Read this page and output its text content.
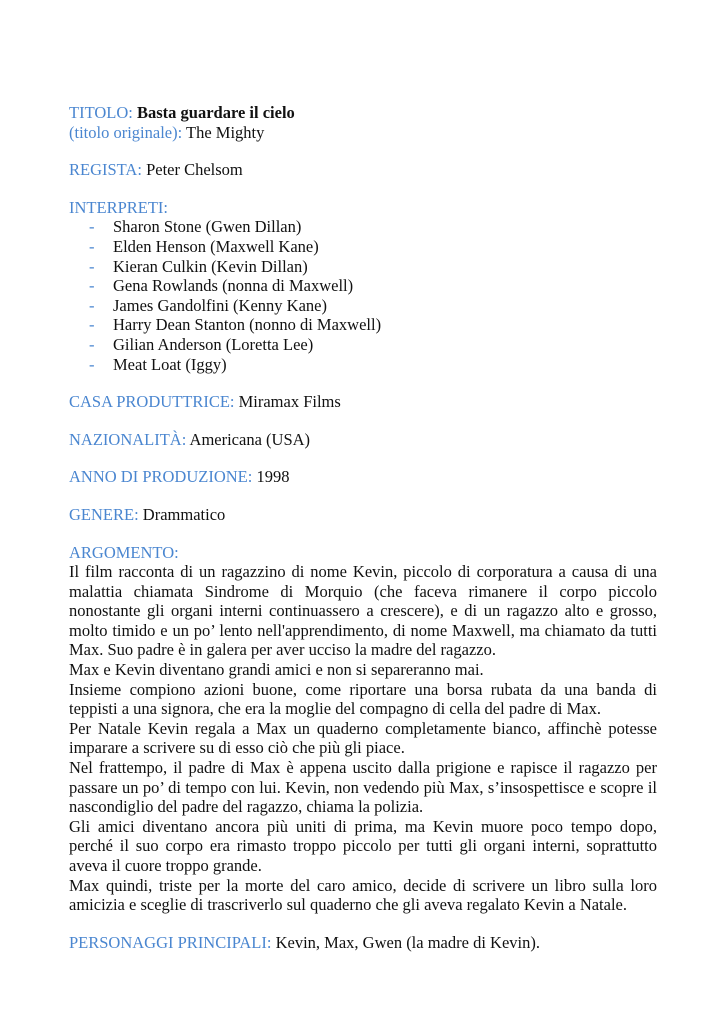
TITOLO: Basta guardare il cielo
(titolo originale): The Mighty
REGISTA: Peter Chelsom
INTERPRETI:
- Sharon Stone (Gwen Dillan)
- Elden Henson (Maxwell Kane)
- Kieran Culkin (Kevin Dillan)
- Gena Rowlands (nonna di Maxwell)
- James Gandolfini (Kenny Kane)
- Harry Dean Stanton (nonno di Maxwell)
- Gilian Anderson (Loretta Lee)
- Meat Loat (Iggy)
CASA PRODUTTRICE: Miramax Films
NAZIONALITÀ: Americana (USA)
ANNO DI PRODUZIONE: 1998
GENERE: Drammatico
ARGOMENTO:

Il film racconta di un ragazzino di nome Kevin, piccolo di corporatura a causa di una malattia chiamata Sindrome di Morquio (che faceva rimanere il corpo piccolo nonostante gli organi interni continuassero a crescere), e di un ragazzo alto e grosso, molto timido e un po’ lento nell'apprendimento, di nome Maxwell, ma chiamato da tutti Max. Suo padre è in galera per aver ucciso la madre del ragazzo.

Max e Kevin diventano grandi amici e non si separeranno mai.

Insieme compiono azioni buone, come riportare una borsa rubata da una banda di teppisti a una signora, che era la moglie del compagno di cella del padre di Max.

Per Natale Kevin regala a Max un quaderno completamente bianco, affinchè potesse imparare a scrivere su di esso ciò che più gli piace.

Nel frattempo, il padre di Max è appena uscito dalla prigione e rapisce il ragazzo per passare un po’ di tempo con lui. Kevin, non vedendo più Max, s’insospettisce e scopre il nascondiglio del padre del ragazzo, chiama la polizia.

Gli amici diventano ancora più uniti di prima, ma Kevin muore poco tempo dopo, perché il suo corpo era rimasto troppo piccolo per tutti gli organi interni, soprattutto aveva il cuore troppo grande.

Max quindi, triste per la morte del caro amico, decide di scrivere un libro sulla loro amicizia e sceglie di trascriverlo sul quaderno che gli aveva regalato Kevin a Natale.

PERSONAGGI PRINCIPALI: Kevin, Max, Gwen (la madre di Kevin).
